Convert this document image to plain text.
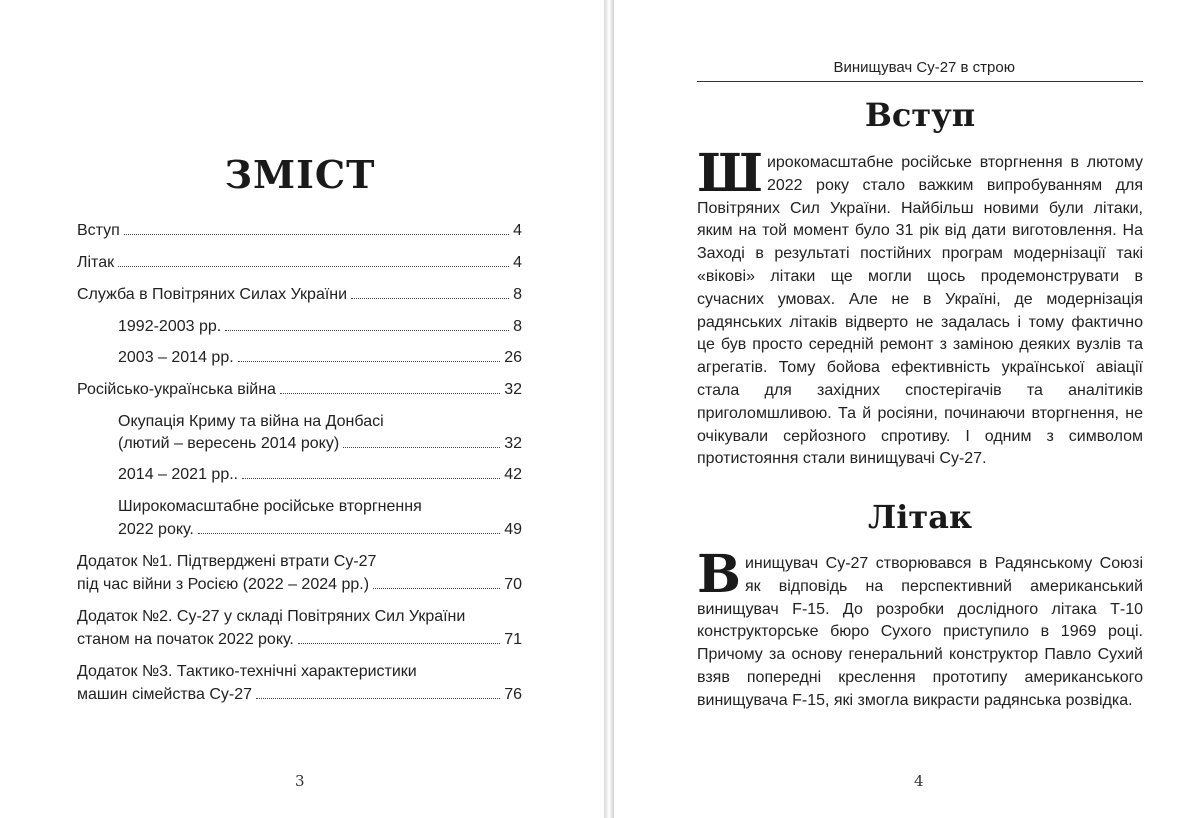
ЗМІСТ
Вступ	4
Літак	4
Служба в Повітряних Силах України	8
1992-2003 рр.	8
2003 – 2014 рр.	26
Російсько-українська війна	32
Окупація Криму та війна на Донбасі
(лютий – вересень 2014 року)	32
2014 – 2021 рр..	42
Широкомасштабне російське вторгнення
2022 року.	49
Додаток №1. Підтверджені втрати Су-27
під час війни з Росією (2022 – 2024 рр.)	70
Додаток №2. Су-27 у складі Повітряних Сил України
станом на початок 2022 року.	71
Додаток №3. Тактико-технічні характеристики
машин сімейства Су-27	76
3
Винищувач Су-27 в строю
Вступ

Широкомасштабне російське вторгнення в лютому 2022 року стало важким випробуванням для Повітряних Сил України. Найбільш новими були літаки, яким на той момент було 31 рік від дати виготовлення. На Заході в результаті постійних програм модернізації такі «вікові» літаки ще могли щось продемонструвати в сучасних умовах. Але не в Україні, де модернізація радянських літаків відверто не задалась і тому фактично це був просто середній ремонт з заміною деяких вузлів та агрегатів. Тому бойова ефективність української авіації стала для західних спостерігачів та аналітиків приголомшливою. Та й росіяни, починаючи вторгнення, не очікували серйозного спротиву. І одним з символом протистояння стали винищувачі Су-27.

Літак

Винищувач Су-27 створювався в Радянському Союзі як відповідь на перспективний американський винищувач F-15. До розробки дослідного літака Т-10 конструкторське бюро Сухого приступило в 1969 році. Причому за основу генеральний конструктор Павло Сухий взяв попередні креслення прототипу американського винищувача F-15, які змогла викрасти радянська розвідка.

4
